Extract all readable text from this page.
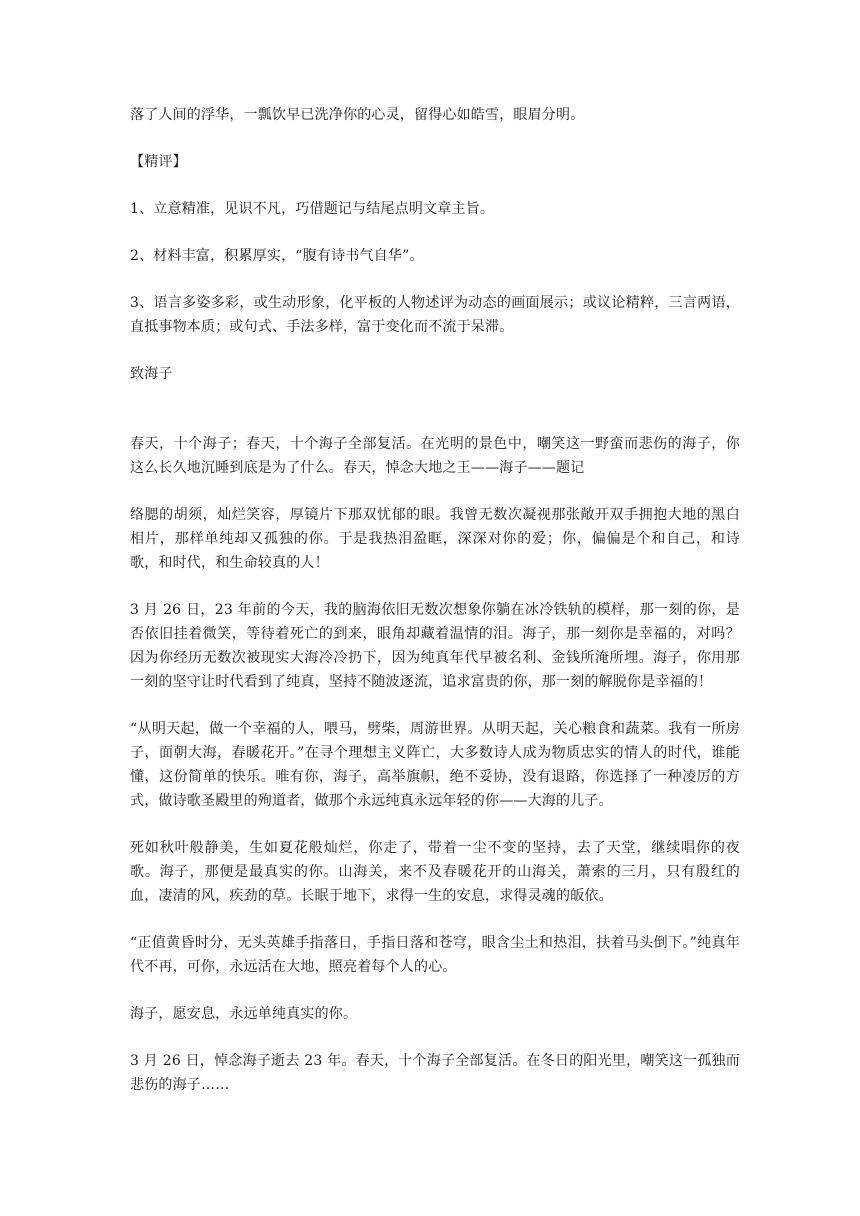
落了人间的浮华，一瓢饮早已洗净你的心灵，留得心如皓雪，眼眉分明。

【精评】

1、立意精准，见识不凡，巧借题记与结尾点明文章主旨。

2、材料丰富，积累厚实，“腹有诗书气自华”。

3、语言多姿多彩，或生动形象，化平板的人物述评为动态的画面展示；或议论精粹，三言两语，直抵事物本质；或句式、手法多样，富于变化而不流于呆滞。

致海子

春天，十个海子；春天，十个海子全部复活。在光明的景色中，嘲笑这一野蛮而悲伤的海子，你这么长久地沉睡到底是为了什么。春天，悼念大地之王——海子——题记

络腮的胡须，灿烂笑容，厚镜片下那双忧郁的眼。我曾无数次凝视那张敞开双手拥抱大地的黑白相片，那样单纯却又孤独的你。于是我热泪盈眶，深深对你的爱；你，偏偏是个和自己，和诗歌，和时代，和生命较真的人！

3 月 26 日，23 年前的今天，我的脑海依旧无数次想象你躺在冰冷铁轨的模样，那一刻的你，是否依旧挂着微笑，等待着死亡的到来，眼角却藏着温情的泪。海子，那一刻你是幸福的，对吗？因为你经历无数次被现实大海冷冷扔下，因为纯真年代早被名利、金钱所淹所埋。海子，你用那一刻的坚守让时代看到了纯真，坚持不随波逐流，追求富贵的你，那一刻的解脱你是幸福的！

“从明天起，做一个幸福的人，喂马，劈柴，周游世界。从明天起，关心粮食和蔬菜。我有一所房子，面朝大海，春暖花开。”在寻个理想主义阵亡，大多数诗人成为物质忠实的情人的时代，谁能懂，这份简单的快乐。唯有你，海子，高举旗帜，绝不妥协，没有退路，你选择了一种凌厉的方式，做诗歌圣殿里的殉道者，做那个永远纯真永远年轻的你——大海的儿子。

死如秋叶般静美，生如夏花般灿烂，你走了，带着一尘不变的坚持，去了天堂，继续唱你的夜歌。海子，那便是最真实的你。山海关，来不及春暖花开的山海关，萧索的三月，只有殷红的血，凄清的风，疾劲的草。长眠于地下，求得一生的安息，求得灵魂的皈依。

“正值黄昏时分，无头英雄手指落日，手指日落和苍穹，眼含尘土和热泪，扶着马头倒下。”纯真年代不再，可你，永远活在大地，照亮着每个人的心。

海子，愿安息，永远单纯真实的你。

3 月 26 日，悼念海子逝去 23 年。春天，十个海子全部复活。在冬日的阳光里，嘲笑这一孤独而悲伤的海子……
